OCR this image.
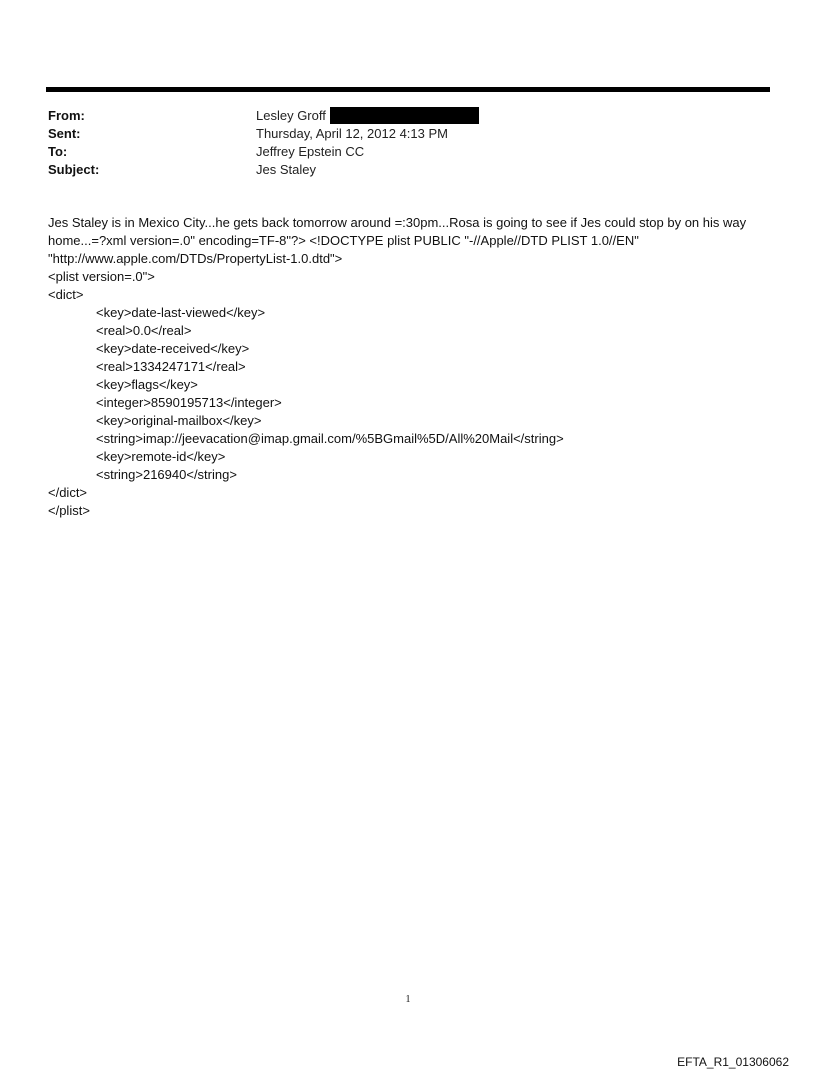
From:	Lesley Groff
Sent:	Thursday, April 12, 2012 4:13 PM
To:	Jeffrey Epstein CC
Subject:	Jes Staley
Jes Staley is in Mexico City...he gets back tomorrow around =:30pm...Rosa is going to see if Jes could stop by on his way
home...=?xml version=.0" encoding=TF-8"?> <!DOCTYPE plist PUBLIC "-//Apple//DTD PLIST 1.0//EN"
"http://www.apple.com/DTDs/PropertyList-1.0.dtd">
<plist version=.0">
<dict>
<key>date-last-viewed</key>
<real>0.0</real>
<key>date-received</key>
<real>1334247171</real>
<key>flags</key>
<integer>8590195713</integer>
<key>original-mailbox</key>
<string>imap://jeevacation@imap.gmail.com/%5BGmail%5D/All%20Mail</string>
<key>remote-id</key>
<string>216940</string>
</dict>
</plist>
1
EFTA_R1_01306062
